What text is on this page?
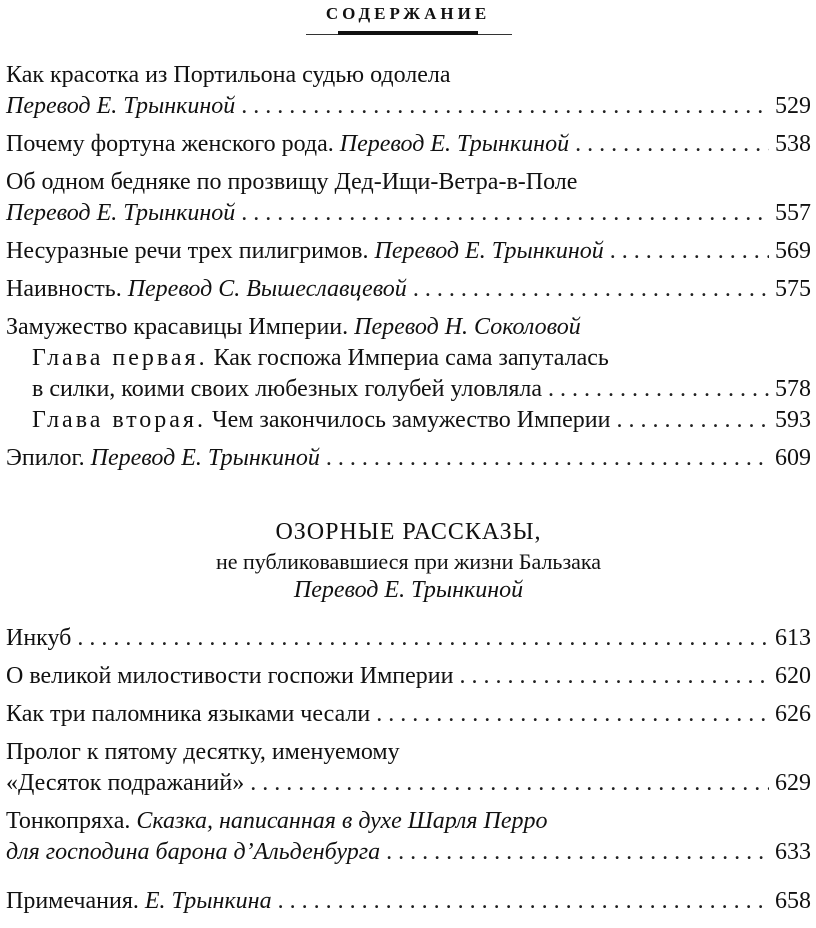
СОДЕРЖАНИЕ
Как красотка из Портильона судью одолела
Перевод Е. Трынкиной . . .	529
Почему фортуна женского рода. Перевод Е. Трынкиной . . .	538
Об одном бедняке по прозвищу Дед-Ищи-Ветра-в-Поле
Перевод Е. Трынкиной . . .	557
Несуразные речи трех пилигримов. Перевод Е. Трынкиной . . .	569
Наивность. Перевод С. Вышеславцевой . . .	575
Замужество красавицы Империи. Перевод Н. Соколовой
Глава первая. Как госпожа Империа сама запуталась
в силки, коими своих любезных голубей уловляла . . .	578
Глава вторая. Чем закончилось замужество Империи . . .	593
Эпилог. Перевод Е. Трынкиной . . .	609
ОЗОРНЫЕ РАССКАЗЫ,
не публиковавшиеся при жизни Бальзака
Перевод Е. Трынкиной
Инкуб . . .	613
О великой милостивости госпожи Империи . . .	620
Как три паломника языками чесали . . .	626
Пролог к пятому десятку, именуемому
«Десяток подражаний» . . .	629
Тонкопряха. Сказка, написанная в духе Шарля Перро
для господина барона д’Альденбурга . . .	633
Примечания. Е. Трынкина . . .	658
